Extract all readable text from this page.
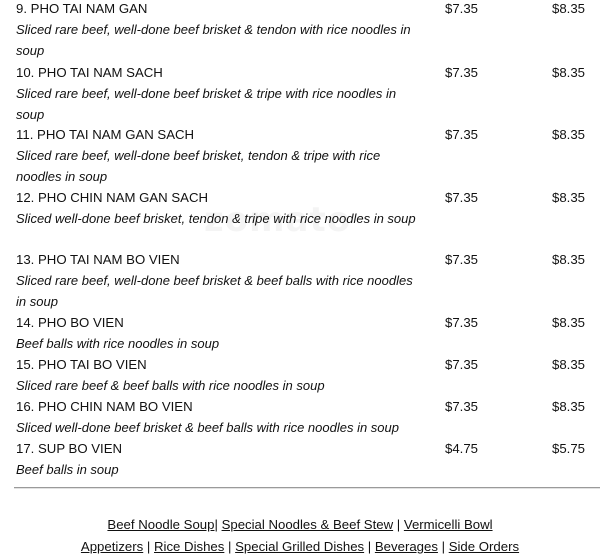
9. PHO TAI NAM GAN	$7.35	$8.35
Sliced rare beef, well-done beef brisket & tendon with rice noodles in soup
10. PHO TAI NAM SACH	$7.35	$8.35
Sliced rare beef, well-done beef brisket & tripe with rice noodles in soup
11. PHO TAI NAM GAN SACH	$7.35	$8.35
Sliced rare beef, well-done beef brisket, tendon & tripe with rice noodles in soup
12. PHO CHIN NAM GAN SACH	$7.35	$8.35
Sliced well-done beef brisket, tendon & tripe with rice noodles in soup
13. PHO TAI NAM BO VIEN	$7.35	$8.35
Sliced rare beef, well-done beef brisket & beef balls with rice noodles in soup
14. PHO BO VIEN	$7.35	$8.35
Beef balls with rice noodles in soup
15. PHO TAI BO VIEN	$7.35	$8.35
Sliced rare beef & beef balls with rice noodles in soup
16. PHO CHIN NAM BO VIEN	$7.35	$8.35
Sliced well-done beef brisket & beef balls with rice noodles in soup
17. SUP BO VIEN	$4.75	$5.75
Beef balls in soup
Beef Noodle Soup| Special Noodles & Beef Stew | Vermicelli Bowl
Appetizers | Rice Dishes | Special Grilled Dishes | Beverages | Side Orders
